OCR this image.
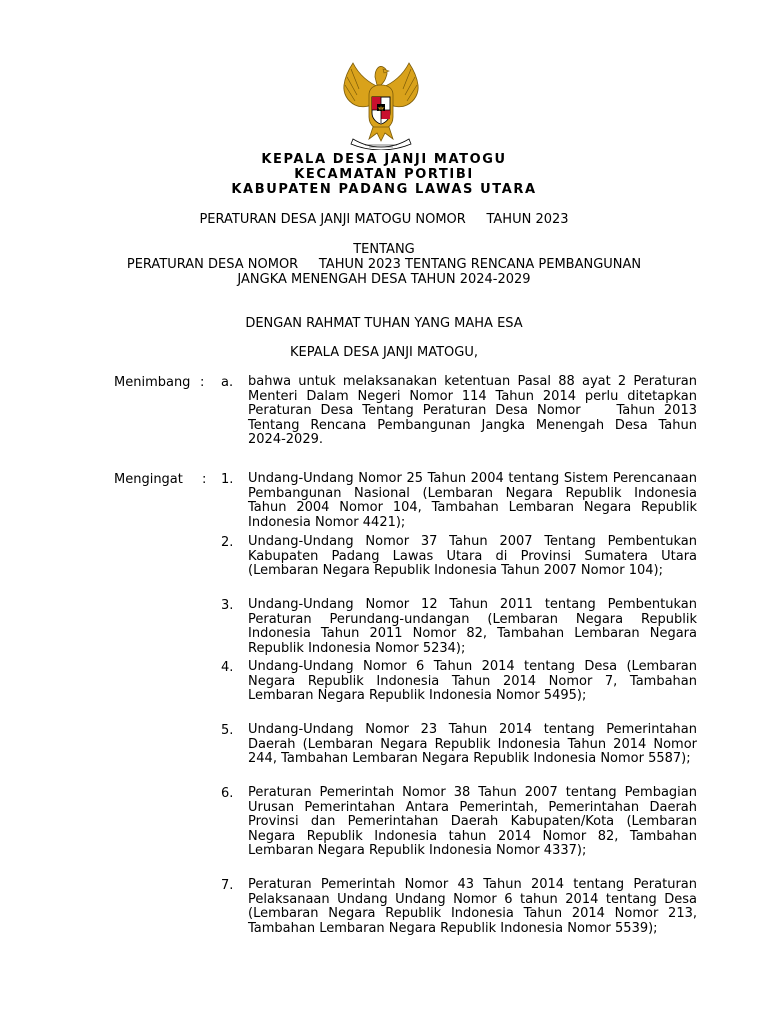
KEPALA DESA JANJI MATOGU
KECAMATAN PORTIBI
KABUPATEN PADANG LAWAS UTARA
PERATURAN DESA JANJI MATOGU NOMOR     TAHUN 2023
TENTANG
PERATURAN DESA NOMOR     TAHUN 2023 TENTANG RENCANA PEMBANGUNAN
JANGKA MENENGAH DESA TAHUN 2024-2029
DENGAN RAHMAT TUHAN YANG MAHA ESA
KEPALA DESA JANJI MATOGU,
Menimbang : a. bahwa untuk melaksanakan ketentuan Pasal 88 ayat 2 Peraturan Menteri Dalam Negeri Nomor 114 Tahun 2014 perlu ditetapkan Peraturan Desa Tentang Peraturan Desa Nomor    Tahun 2013 Tentang Rencana Pembangunan Jangka Menengah Desa Tahun 2024-2029.
Mengingat : 1. Undang-Undang Nomor 25 Tahun 2004 tentang Sistem Perencanaan Pembangunan Nasional (Lembaran Negara Republik Indonesia Tahun 2004 Nomor 104, Tambahan Lembaran Negara Republik Indonesia Nomor 4421);
2. Undang-Undang Nomor 37 Tahun 2007 Tentang Pembentukan Kabupaten Padang Lawas Utara di Provinsi Sumatera Utara (Lembaran Negara Republik Indonesia Tahun 2007 Nomor 104);
3. Undang-Undang Nomor 12 Tahun 2011 tentang Pembentukan Peraturan Perundang-undangan (Lembaran Negara Republik Indonesia Tahun 2011 Nomor 82, Tambahan Lembaran Negara Republik Indonesia Nomor 5234);
4. Undang-Undang Nomor 6 Tahun 2014 tentang Desa (Lembaran Negara Republik Indonesia Tahun 2014 Nomor 7, Tambahan Lembaran Negara Republik Indonesia Nomor 5495);
5. Undang-Undang Nomor 23 Tahun 2014 tentang Pemerintahan Daerah (Lembaran Negara Republik Indonesia Tahun 2014 Nomor 244, Tambahan Lembaran Negara Republik Indonesia Nomor 5587);
6. Peraturan Pemerintah Nomor 38 Tahun 2007 tentang Pembagian Urusan Pemerintahan Antara Pemerintah, Pemerintahan Daerah Provinsi dan Pemerintahan Daerah Kabupaten/Kota (Lembaran Negara Republik Indonesia tahun 2014 Nomor 82, Tambahan Lembaran Negara Republik Indonesia Nomor 4337);
7. Peraturan Pemerintah Nomor 43 Tahun 2014 tentang Peraturan Pelaksanaan Undang Undang Nomor 6 tahun 2014 tentang Desa (Lembaran Negara Republik Indonesia Tahun 2014 Nomor 213, Tambahan Lembaran Negara Republik Indonesia Nomor 5539);
